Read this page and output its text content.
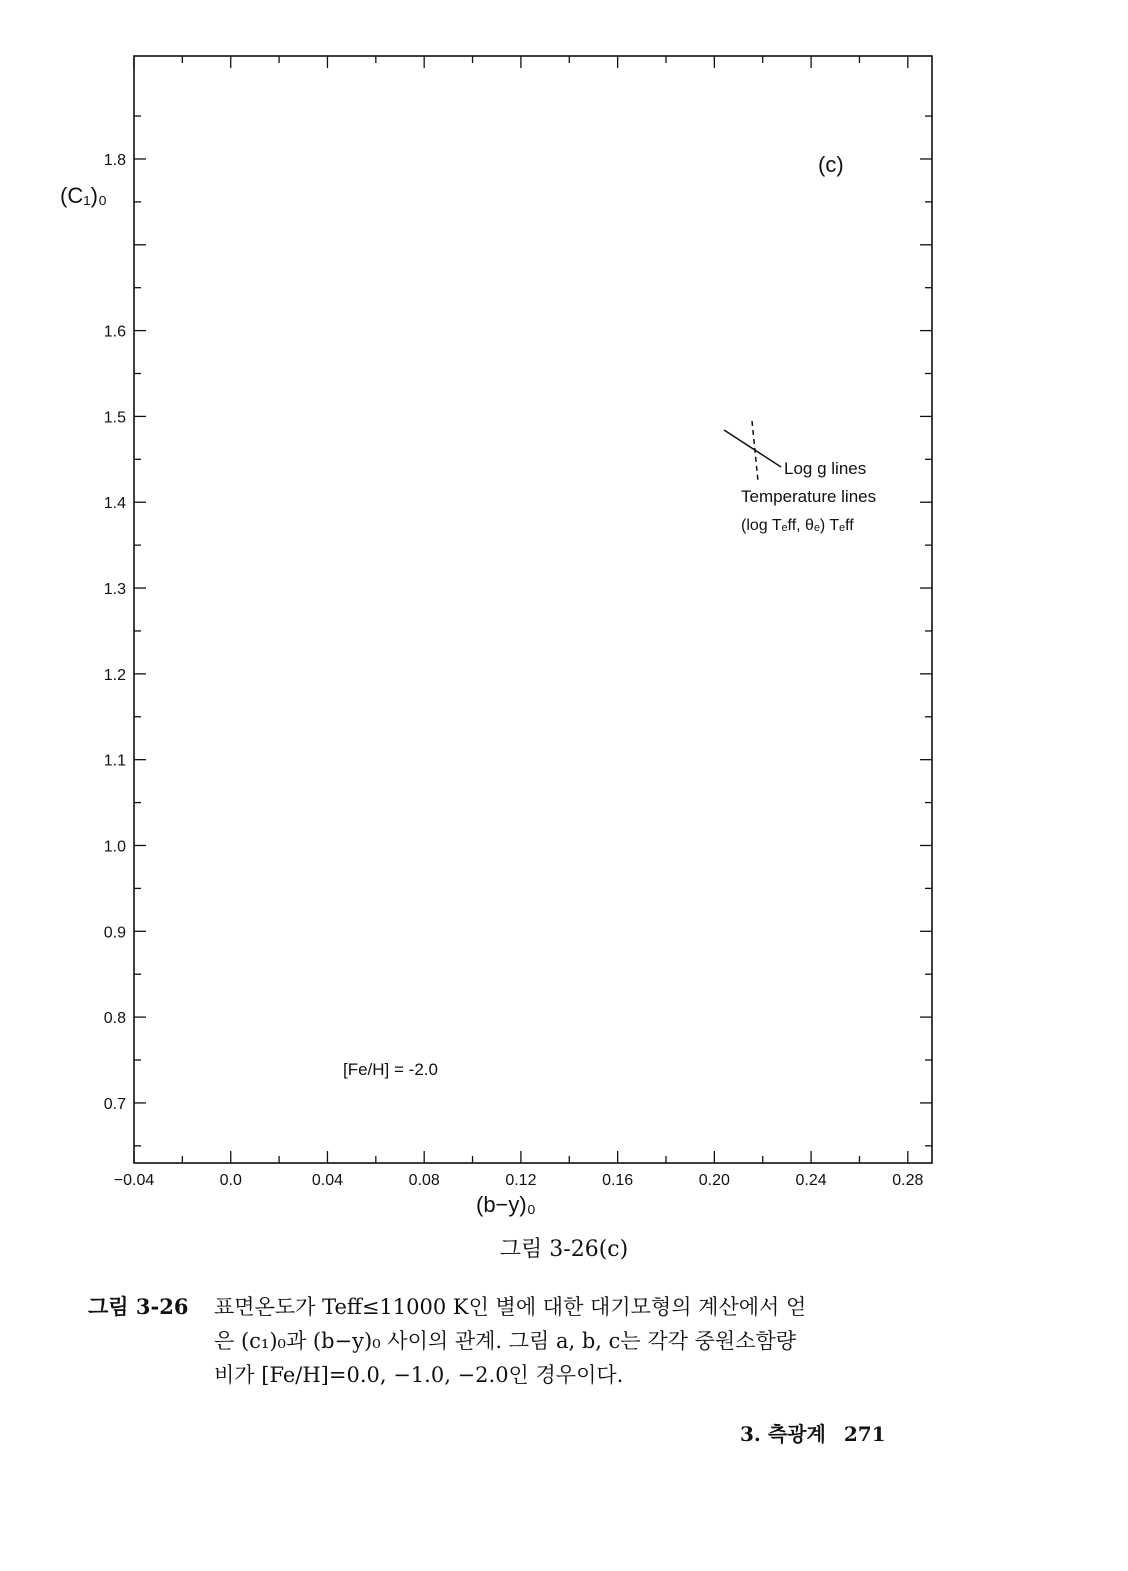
−0.04	0.0	0.04	0.08	0.12	0.16	0.20	0.24	0.28
0.7
0.8
0.9
1.0
1.1
1.2
1.3
1.4
1.5
1.6
1.8	(c)
(C₁)₀
(b−y)₀
[Fe/H] = -2.0
Log g lines
Temperature lines
(log Tₑff, θₑ) Tₑff
그림 3-26(c)
그림 3-26 표면온도가 Teff≤11000 K인 별에 대한 대기모형의 계산에서 얻

은 (c₁)₀과 (b−y)₀ 사이의 관계. 그림 a, b, c는 각각 중원소함량

비가 [Fe/H]=0.0, −1.0, −2.0인 경우이다.

3. 측광계 271
